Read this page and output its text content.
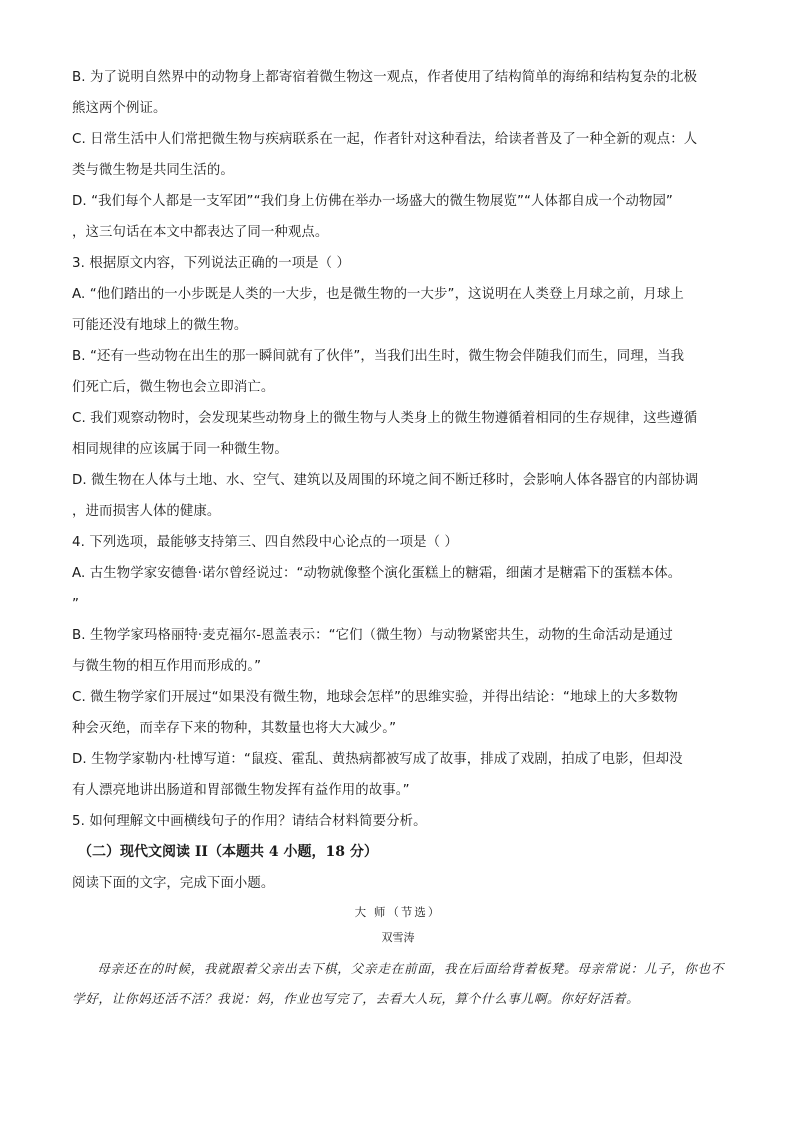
B. 为了说明自然界中的动物身上都寄宿着微生物这一观点，作者使用了结构简单的海绵和结构复杂的北极

熊这两个例证。

C. 日常生活中人们常把微生物与疾病联系在一起，作者针对这种看法，给读者普及了一种全新的观点：人

类与微生物是共同生活的。

D. “我们每个人都是一支军团”“我们身上仿佛在举办一场盛大的微生物展览”“人体都自成一个动物园”

，这三句话在本文中都表达了同一种观点。

3. 根据原文内容，下列说法正确的一项是（ ）

A. “他们踏出的一小步既是人类的一大步，也是微生物的一大步”，这说明在人类登上月球之前，月球上

可能还没有地球上的微生物。

B. “还有一些动物在出生的那一瞬间就有了伙伴”，当我们出生时，微生物会伴随我们而生，同理，当我

们死亡后，微生物也会立即消亡。

C. 我们观察动物时，会发现某些动物身上的微生物与人类身上的微生物遵循着相同的生存规律，这些遵循

相同规律的应该属于同一种微生物。

D. 微生物在人体与土地、水、空气、建筑以及周围的环境之间不断迁移时，会影响人体各器官的内部协调

，进而损害人体的健康。

4. 下列选项，最能够支持第三、四自然段中心论点的一项是（ ）

A. 古生物学家安德鲁·诺尔曾经说过：“动物就像整个演化蛋糕上的糖霜，细菌才是糖霜下的蛋糕本体。

”

B. 生物学家玛格丽特·麦克福尔-恩盖表示：“它们（微生物）与动物紧密共生，动物的生命活动是通过

与微生物的相互作用而形成的。”

C. 微生物学家们开展过“如果没有微生物，地球会怎样”的思维实验，并得出结论：“地球上的大多数物

种会灭绝，而幸存下来的物种，其数量也将大大减少。”

D. 生物学家勒内·杜博写道：“鼠疫、霍乱、黄热病都被写成了故事，排成了戏剧，拍成了电影，但却没

有人漂亮地讲出肠道和胃部微生物发挥有益作用的故事。”

5. 如何理解文中画横线句子的作用？请结合材料简要分析。

（二）现代文阅读 II（本题共 4 小题，18 分）

阅读下面的文字，完成下面小题。

大 师（节选）

双雪涛

母亲还在的时候，我就跟着父亲出去下棋，父亲走在前面，我在后面给背着板凳。母亲常说：儿子，你也不学好，让你妈还活不活？我说：妈，作业也写完了，去看大人玩，算个什么事儿啊。你好好活着。
